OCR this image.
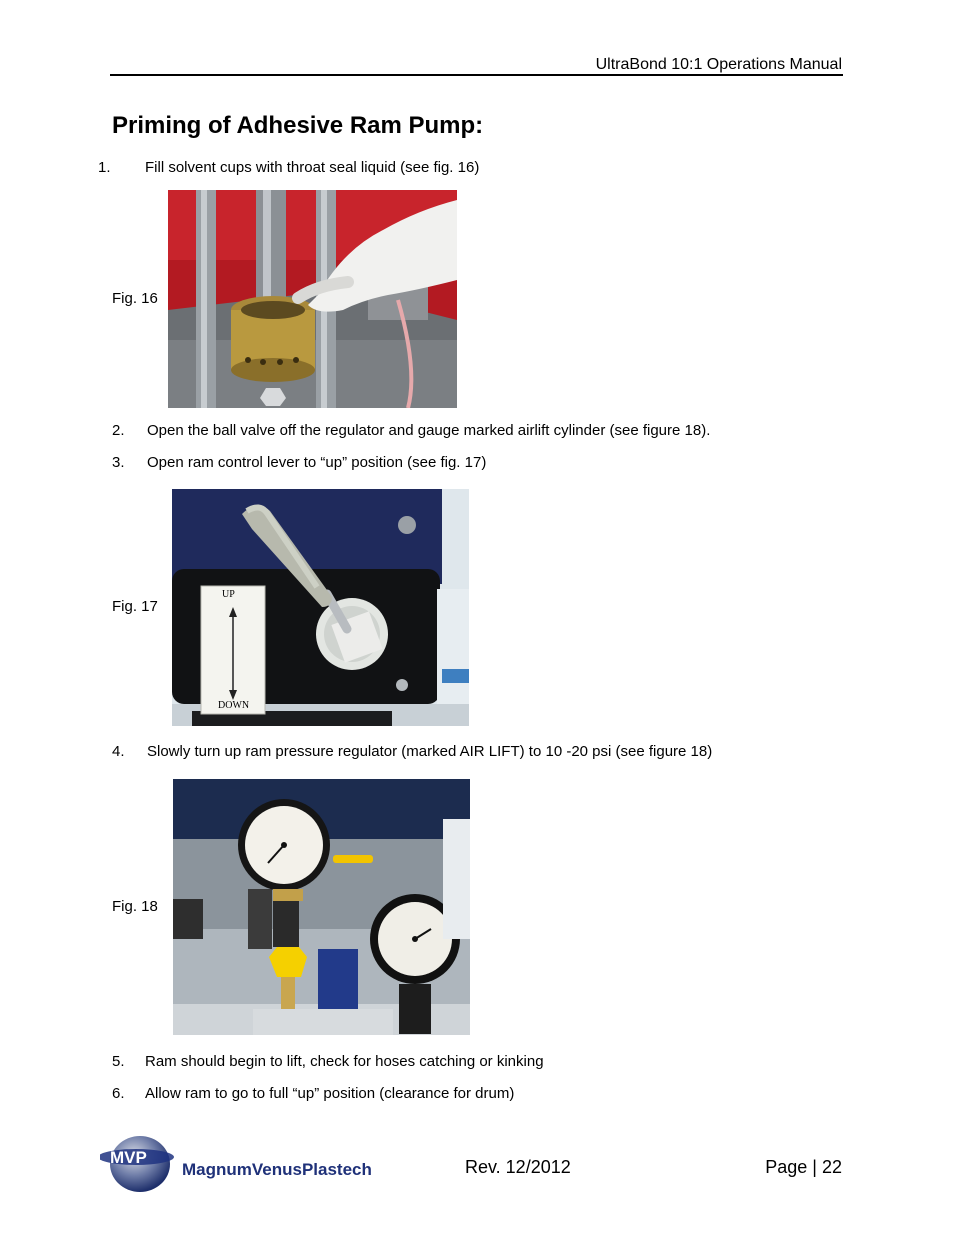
UltraBond 10:1 Operations Manual
Priming of Adhesive Ram Pump:
1. Fill solvent cups with throat seal liquid (see fig. 16)
Fig. 16
2. Open the ball valve off the regulator and gauge marked airlift cylinder (see figure 18).
3. Open ram control lever to “up” position (see fig. 17)
Fig. 17
UP
DOWN
4. Slowly turn up ram pressure regulator (marked AIR LIFT) to 10 -20 psi (see figure 18)
Fig. 18
5. Ram should begin to lift, check for hoses catching or kinking
6. Allow ram to go to full “up” position (clearance for drum)
MVP
MagnumVenusPlastech	Rev. 12/2012	Page | 22
